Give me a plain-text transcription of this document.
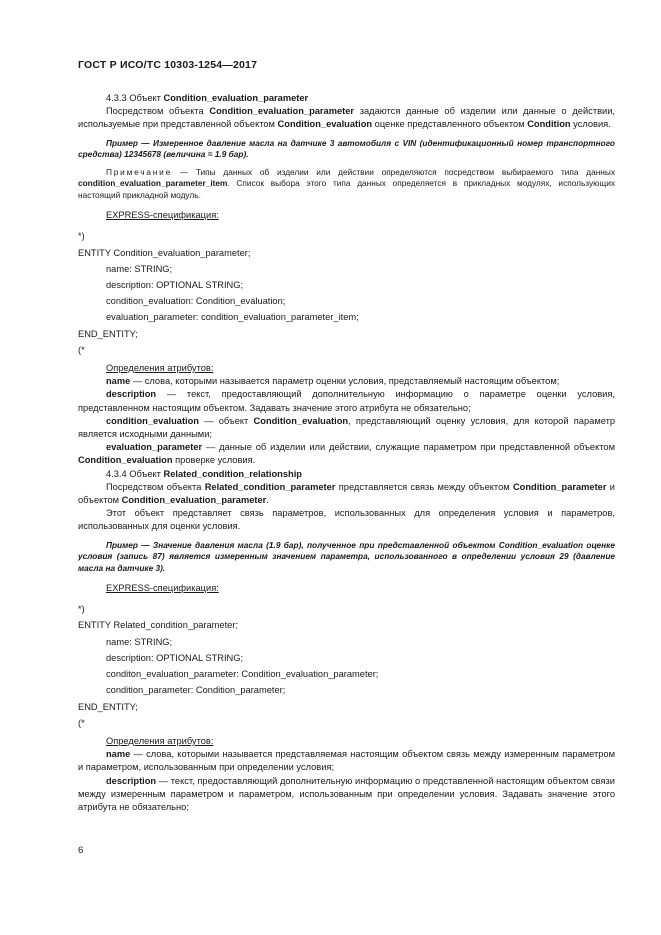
ГОСТ Р ИСО/ТС 10303-1254—2017

4.3.3 Объект Condition_evaluation_parameter

Посредством объекта Condition_evaluation_parameter задаются данные об изделии или данные о действии, используемые при представленной объектом Condition_evaluation оценке представленного объектом Condition условия.

Пример — Измеренное давление масла на датчике 3 автомобиля с VIN (идентификационный номер транспортного средства) 12345678 (величина = 1.9 бар).

Примечание — Типы данных об изделии или действии определяются посредством выбираемого типа данных condition_evaluation_parameter_item. Список выбора этого типа данных определяется в прикладных модулях, использующих настоящий прикладной модуль.

EXPRESS-спецификация:

*)

ENTITY Condition_evaluation_parameter;

name: STRING;

description: OPTIONAL STRING;

condition_evaluation: Condition_evaluation;

evaluation_parameter: condition_evaluation_parameter_item;

END_ENTITY;

(*

Определения атрибутов:

name — слова, которыми называется параметр оценки условия, представляемый настоящим объектом;

description — текст, предоставляющий дополнительную информацию о параметре оценки условия, представленном настоящим объектом. Задавать значение этого атрибута не обязательно;

condition_evaluation — объект Condition_evaluation, представляющий оценку условия, для которой параметр является исходными данными;

evaluation_parameter — данные об изделии или действии, служащие параметром при представленной объектом Condition_evaluation проверке условия.

4.3.4 Объект Related_condition_relationship

Посредством объекта Related_condition_parameter представляется связь между объектом Condition_parameter и объектом Condition_evaluation_parameter.

Этот объект представляет связь параметров, использованных для определения условия и параметров, использованных для оценки условия.

Пример — Значение давления масла (1.9 бар), полученное при представленной объектом Condition_evaluation оценке условия (запись 87) является измеренным значением параметра, использованного в определении условия 29 (давление масла на датчике 3).

EXPRESS-спецификация:

*)

ENTITY Related_condition_parameter;

name: STRING;

description: OPTIONAL STRING;

conditon_evaluation_parameter: Condition_evaluation_parameter;

condition_parameter: Condition_parameter;

END_ENTITY;

(*

Определения атрибутов:

name — слова, которыми называется представляемая настоящим объектом связь между измеренным параметром и параметром, использованным при определении условия;

description — текст, предоставляющий дополнительную информацию о представленной настоящим объектом связи между измеренным параметром и параметром, использованным при определении условия. Задавать значение этого атрибута не обязательно;

6
